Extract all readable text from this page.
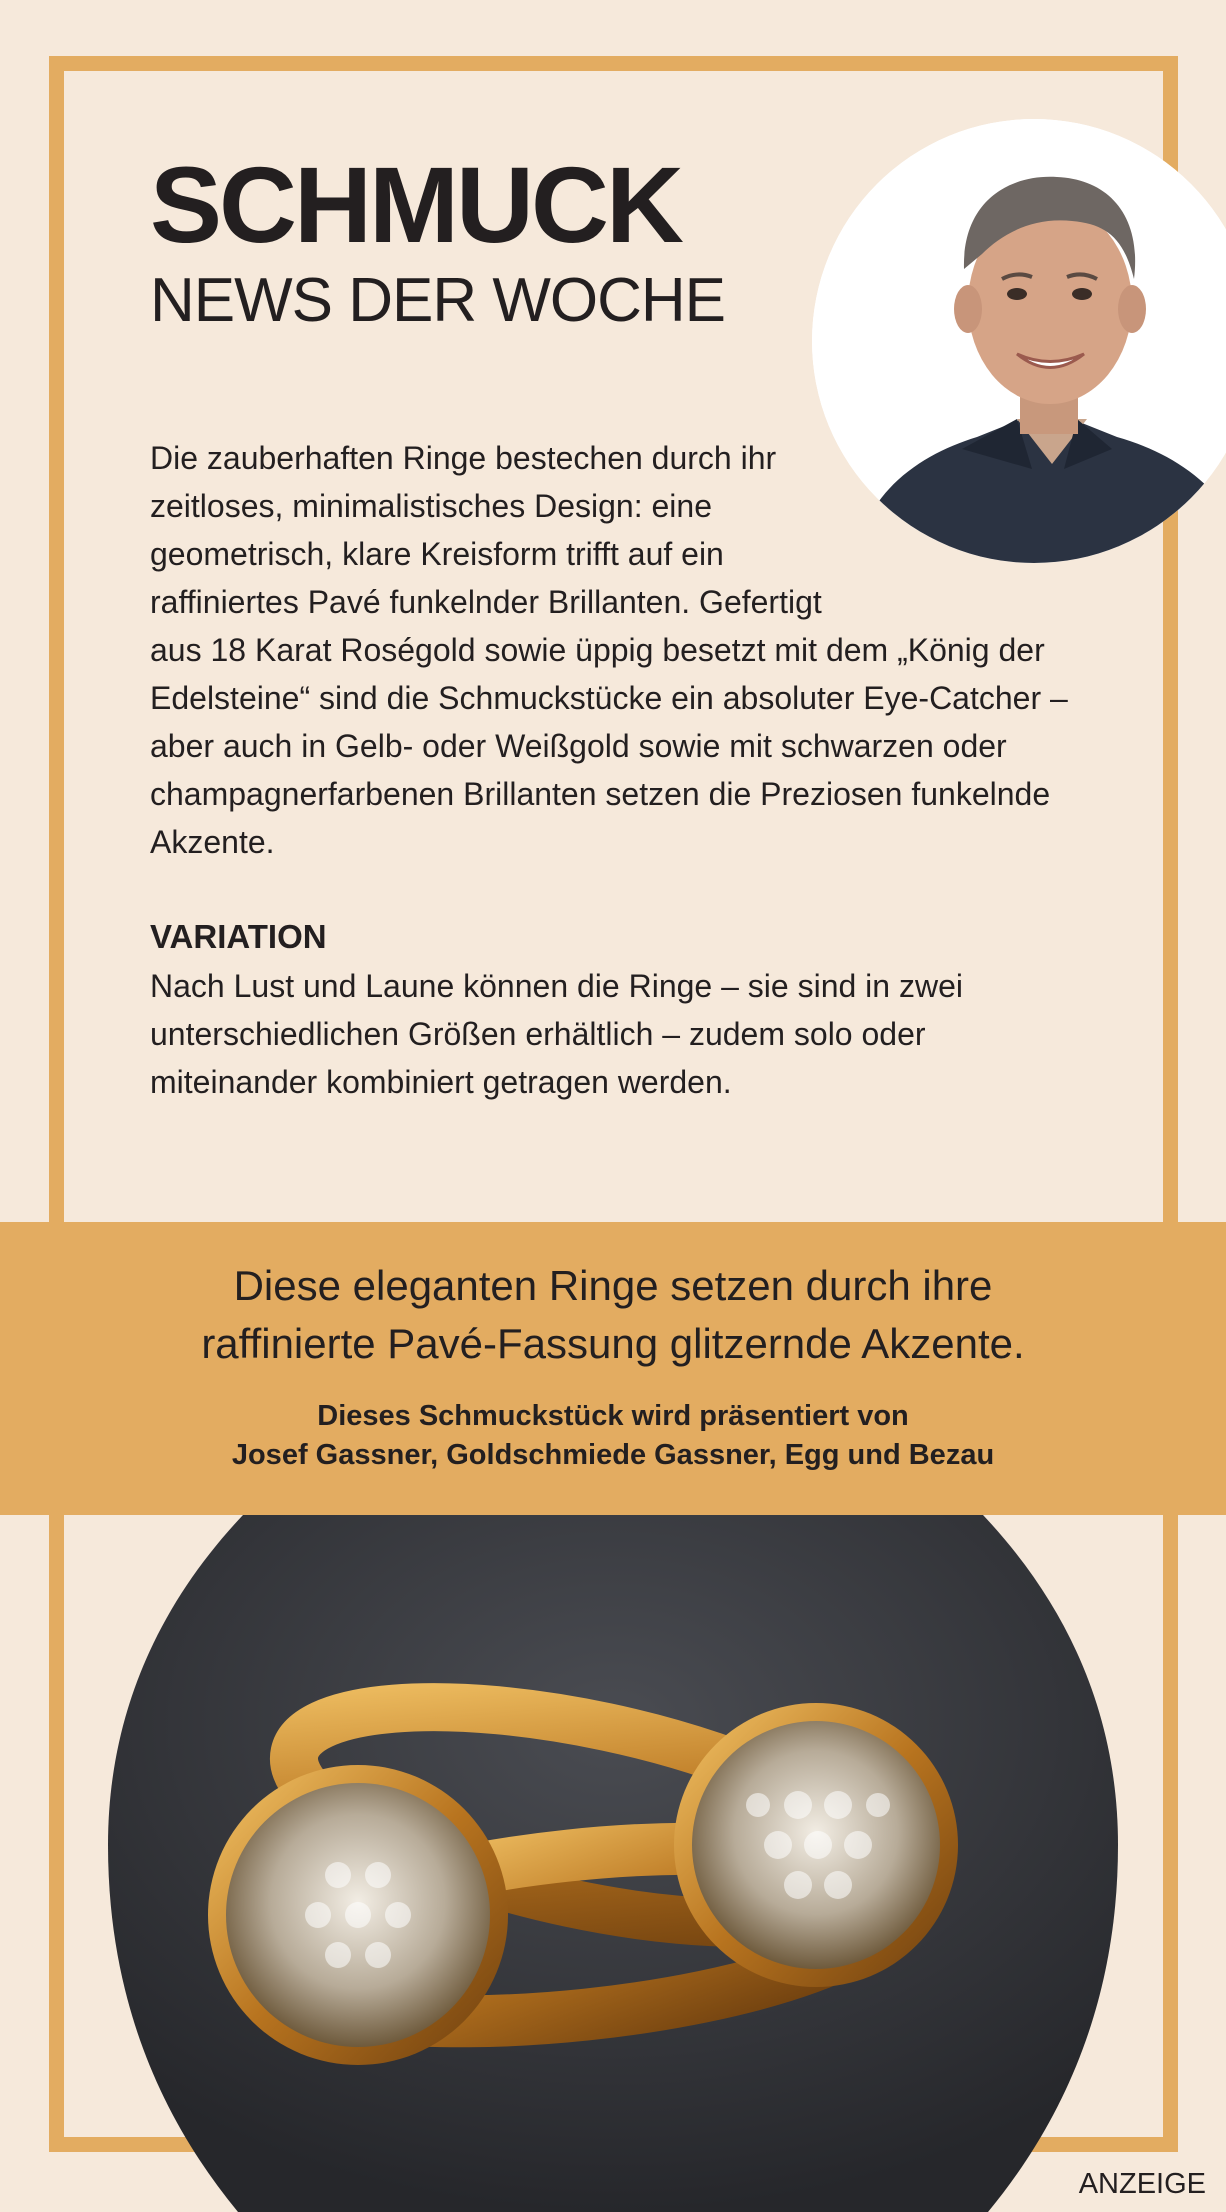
SCHMUCK
NEWS DER WOCHE

Die zauberhaften Ringe bestechen durch ihr zeitloses, minimalistisches Design: eine geometrisch, klare Kreisform trifft auf ein raffiniertes Pavé funkelnder Brillanten. Gefertigt aus 18 Karat Roségold sowie üppig besetzt mit dem „König der Edelsteine“ sind die Schmuckstücke ein absoluter Eye-Catcher – aber auch in Gelb- oder Weißgold sowie mit schwarzen oder champagnerfarbenen Brillanten setzen die Preziosen funkelnde Akzente.

VARIATION

Nach Lust und Laune können die Ringe – sie sind in zwei unterschiedlichen Größen erhältlich – zudem solo oder miteinander kombiniert getragen werden.

Diese eleganten Ringe setzen durch ihre
raffinierte Pavé-Fassung glitzernde Akzente.

Dieses Schmuckstück wird präsentiert von
Josef Gassner, Goldschmiede Gassner, Egg und Bezau

ANZEIGE
